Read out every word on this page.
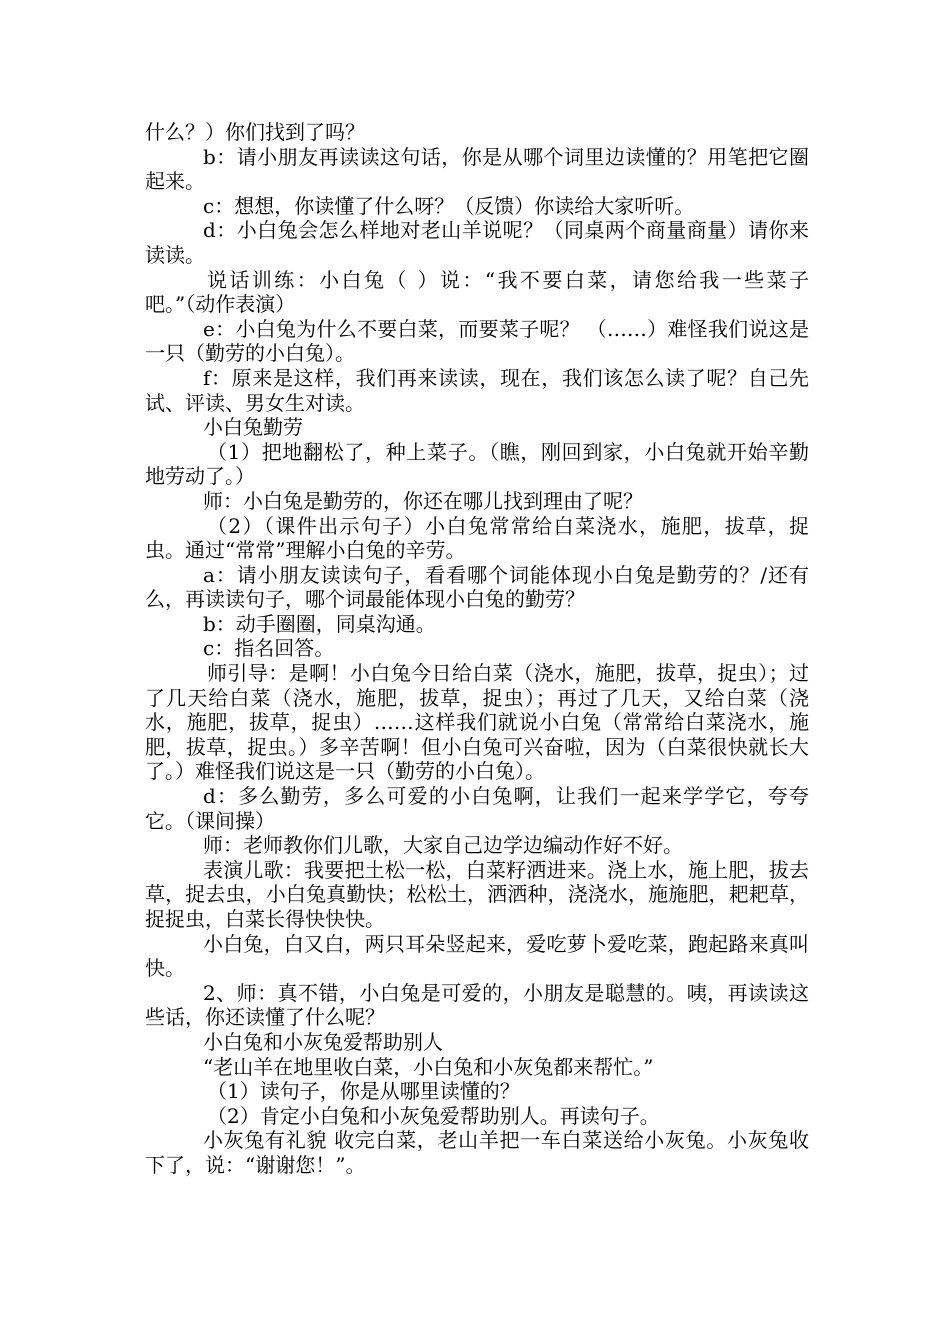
什么？）你们找到了吗？

b：请小朋友再读读这句话，你是从哪个词里边读懂的？用笔把它圈起来。

c：想想，你读懂了什么呀？（反馈）你读给大家听听。

d：小白兔会怎么样地对老山羊说呢？（同桌两个商量商量）请你来读读。

说话训练：小白兔（ ）说：“我不要白菜，请您给我一些菜子吧。”（动作表演）

e：小白兔为什么不要白菜，而要菜子呢？ （……）难怪我们说这是一只（勤劳的小白兔）。

f：原来是这样，我们再来读读，现在，我们该怎么读了呢？自己先试、评读、男女生对读。

小白兔勤劳

（1）把地翻松了，种上菜子。（瞧，刚回到家，小白兔就开始辛勤地劳动了。）

师：小白兔是勤劳的，你还在哪儿找到理由了呢？

（2）（课件出示句子）小白兔常常给白菜浇水，施肥，拔草，捉虫。通过“常常”理解小白兔的辛劳。

a：请小朋友读读句子，看看哪个词能体现小白兔是勤劳的？/还有么，再读读句子，哪个词最能体现小白兔的勤劳？

b：动手圈圈，同桌沟通。

c：指名回答。

师引导：是啊！小白兔今日给白菜（浇水，施肥，拔草，捉虫）；过了几天给白菜（浇水，施肥，拔草，捉虫）；再过了几天，又给白菜（浇水，施肥，拔草，捉虫）……这样我们就说小白兔（常常给白菜浇水，施肥，拔草，捉虫。）多辛苦啊！但小白兔可兴奋啦，因为（白菜很快就长大了。）难怪我们说这是一只（勤劳的小白兔）。

d：多么勤劳，多么可爱的小白兔啊，让我们一起来学学它，夸夸它。（课间操）

师：老师教你们儿歌，大家自己边学边编动作好不好。

表演儿歌：我要把土松一松，白菜籽洒进来。浇上水，施上肥，拔去草，捉去虫，小白兔真勤快；松松土，洒洒种，浇浇水，施施肥，耙耙草，捉捉虫，白菜长得快快快。

小白兔，白又白，两只耳朵竖起来，爱吃萝卜爱吃菜，跑起路来真叫快。

2、师：真不错，小白兔是可爱的，小朋友是聪慧的。咦，再读读这些话，你还读懂了什么呢？

小白兔和小灰兔爱帮助别人

“老山羊在地里收白菜，小白兔和小灰兔都来帮忙。”

（1）读句子，你是从哪里读懂的？

（2）肯定小白兔和小灰兔爱帮助别人。再读句子。

小灰兔有礼貌 收完白菜，老山羊把一车白菜送给小灰兔。小灰兔收下了，说：“谢谢您！”。
